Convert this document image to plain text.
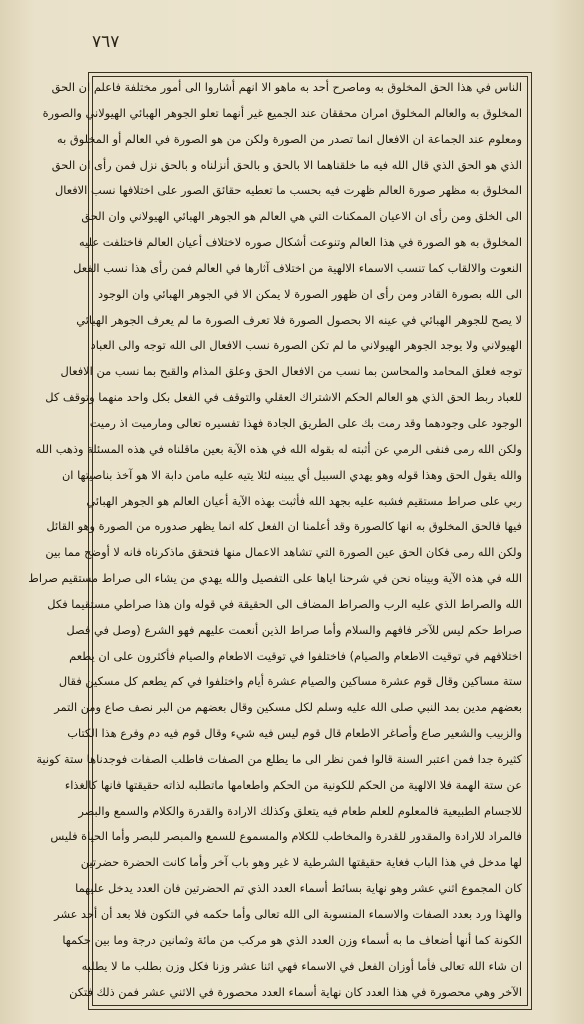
٧٦٧
الناس في هذا الحق المخلوق به وماصرح أحد به ماهو الا انهم أشاروا الى أمور مختلفة فاعلم ان الحق
المخلوق به والعالم المخلوق امران محققان عند الجميع غير أنهما تعلو الجوهر الهبائي الهيولاني والصورة
ومعلوم عند الجماعة ان الافعال انما تصدر من الصورة ولكن من هو الصورة في العالم أو المخلوق به
الذي هو الحق الذي قال الله فيه ما خلقناهما الا بالحق و بالحق أنزلناه و بالحق نزل فمن رأى ان الحق
المخلوق به مظهر صورة العالم ظهرت فيه بحسب ما تعطيه حقائق الصور على اختلافها نسب الافعال
الى الخلق ومن رأى ان الاعيان الممكنات التي هي العالم هو الجوهر الهبائي الهيولاني وان الحق
المخلوق به هو الصورة في هذا العالم وتنوعت أشكال صوره لاختلاف أعيان العالم فاختلفت عليه
النعوت والالقاب كما تنسب الاسماء الالهية من اختلاف آثارها في العالم فمن رأى هذا نسب الفعل
الى الله بصورة القادر ومن رأى ان ظهور الصورة لا يمكن الا في الجوهر الهبائي وان الوجود
لا يصح للجوهر الهبائي في عينه الا بحصول الصورة فلا تعرف الصورة ما لم يعرف الجوهر الهبائي
الهيولاني ولا يوجد الجوهر الهيولاني ما لم تكن الصورة نسب الافعال الى الله توجه والى العباد
توجه فعلق المحامد والمحاسن بما نسب من الافعال الحق وعلق المذام والقبح بما نسب من الافعال
للعباد ربط الحق الذي هو العالم الحكم الاشتراك العقلي والتوقف في الفعل بكل واحد منهما وتوقف كل
الوجود على وجودهما وقد رمت بك على الطريق الجادة فهذا تفسيره تعالى ومارميت اذ رميت
ولكن الله رمى فنفى الرمي عن أثبته له بقوله الله في هذه الآية بعين ماقلناه في هذه المسئلة وذهب الله
والله يقول الحق وهذا قوله وهو يهدي السبيل أي يبينه لئلا يتيه عليه مامن دابة الا هو آخذ بناصيتها ان
ربي على صراط مستقيم فشبه عليه بجهد الله فأثبت بهذه الآية أعيان العالم هو الجوهر الهبائي
فيها فالحق المخلوق به انها كالصورة وقد أعلمنا ان الفعل كله انما يظهر صدوره من الصورة وهو القائل
ولكن الله رمى فكان الحق عين الصورة التي تشاهد الاعمال منها فتحقق ماذكرناه فانه لا أوضح مما بين
الله في هذه الآية وبيناه نحن في شرحنا اياها على التفصيل والله يهدي من يشاء الى صراط مستقيم صراط
الله والصراط الذي عليه الرب والصراط المضاف الى الحقيقة في قوله وان هذا صراطي مستقيما فكل
صراط حكم ليس للآخر فافهم والسلام وأما صراط الذين أنعمت عليهم فهو الشرع (وصل في فصل
اختلافهم في توقيت الاطعام والصيام) فاختلفوا في توقيت الاطعام والصيام فأكثرون على ان يطعم
ستة مساكين وقال قوم عشرة مساكين والصيام عشرة أيام واختلفوا في كم يطعم كل مسكين فقال
بعضهم مدين بمد النبي صلى الله عليه وسلم لكل مسكين وقال بعضهم من البر نصف صاع ومن التمر
والزبيب والشعير صاع وأصاغر الاطعام قال قوم ليس فيه شيء وقال قوم فيه دم وفرع هذا الكتاب
كثيرة جدا فمن اعتبر السنة قالوا فمن نظر الى ما يطلع من الصفات فاطلب الصفات فوجدناها ستة كونية
عن ستة الهمة فلا الالهية من الحكم للكونية من الحكم واطعامها ماتطلبه لذاته حقيقتها فانها كالغذاء
للاجسام الطبيعية فالمعلوم للعلم طعام فيه يتعلق وكذلك الارادة والقدرة والكلام والسمع والبصر
فالمراد للارادة والمقدور للقدرة والمخاطب للكلام والمسموع للسمع والمبصر للبصر وأما الحياة فليس
لها مدخل في هذا الباب فغاية حقيقتها الشرطية لا غير وهو باب آخر وأما كانت الحضرة حضرتين
كان المجموع اثني عشر وهو نهاية بسائط أسماء العدد الذي تم الحضرتين فان العدد يدخل عليهما
والهذا ورد بعدد الصفات والاسماء المنسوبة الى الله تعالى وأما حكمه في التكون فلا بعد أن أحد عشر
الكونة كما أنها أضعاف ما به أسماء وزن العدد الذي هو مركب من مائة وثمانين درجة وما بين حكمها
ان شاء الله تعالى فأما أوزان الفعل في الاسماء فهي اثنا عشر وزنا فكل وزن بطلب ما لا يطلبه
الآخر وهي محصورة في هذا العدد كان نهاية أسماء العدد محصورة في الاثني عشر فمن ذلك فتكن
